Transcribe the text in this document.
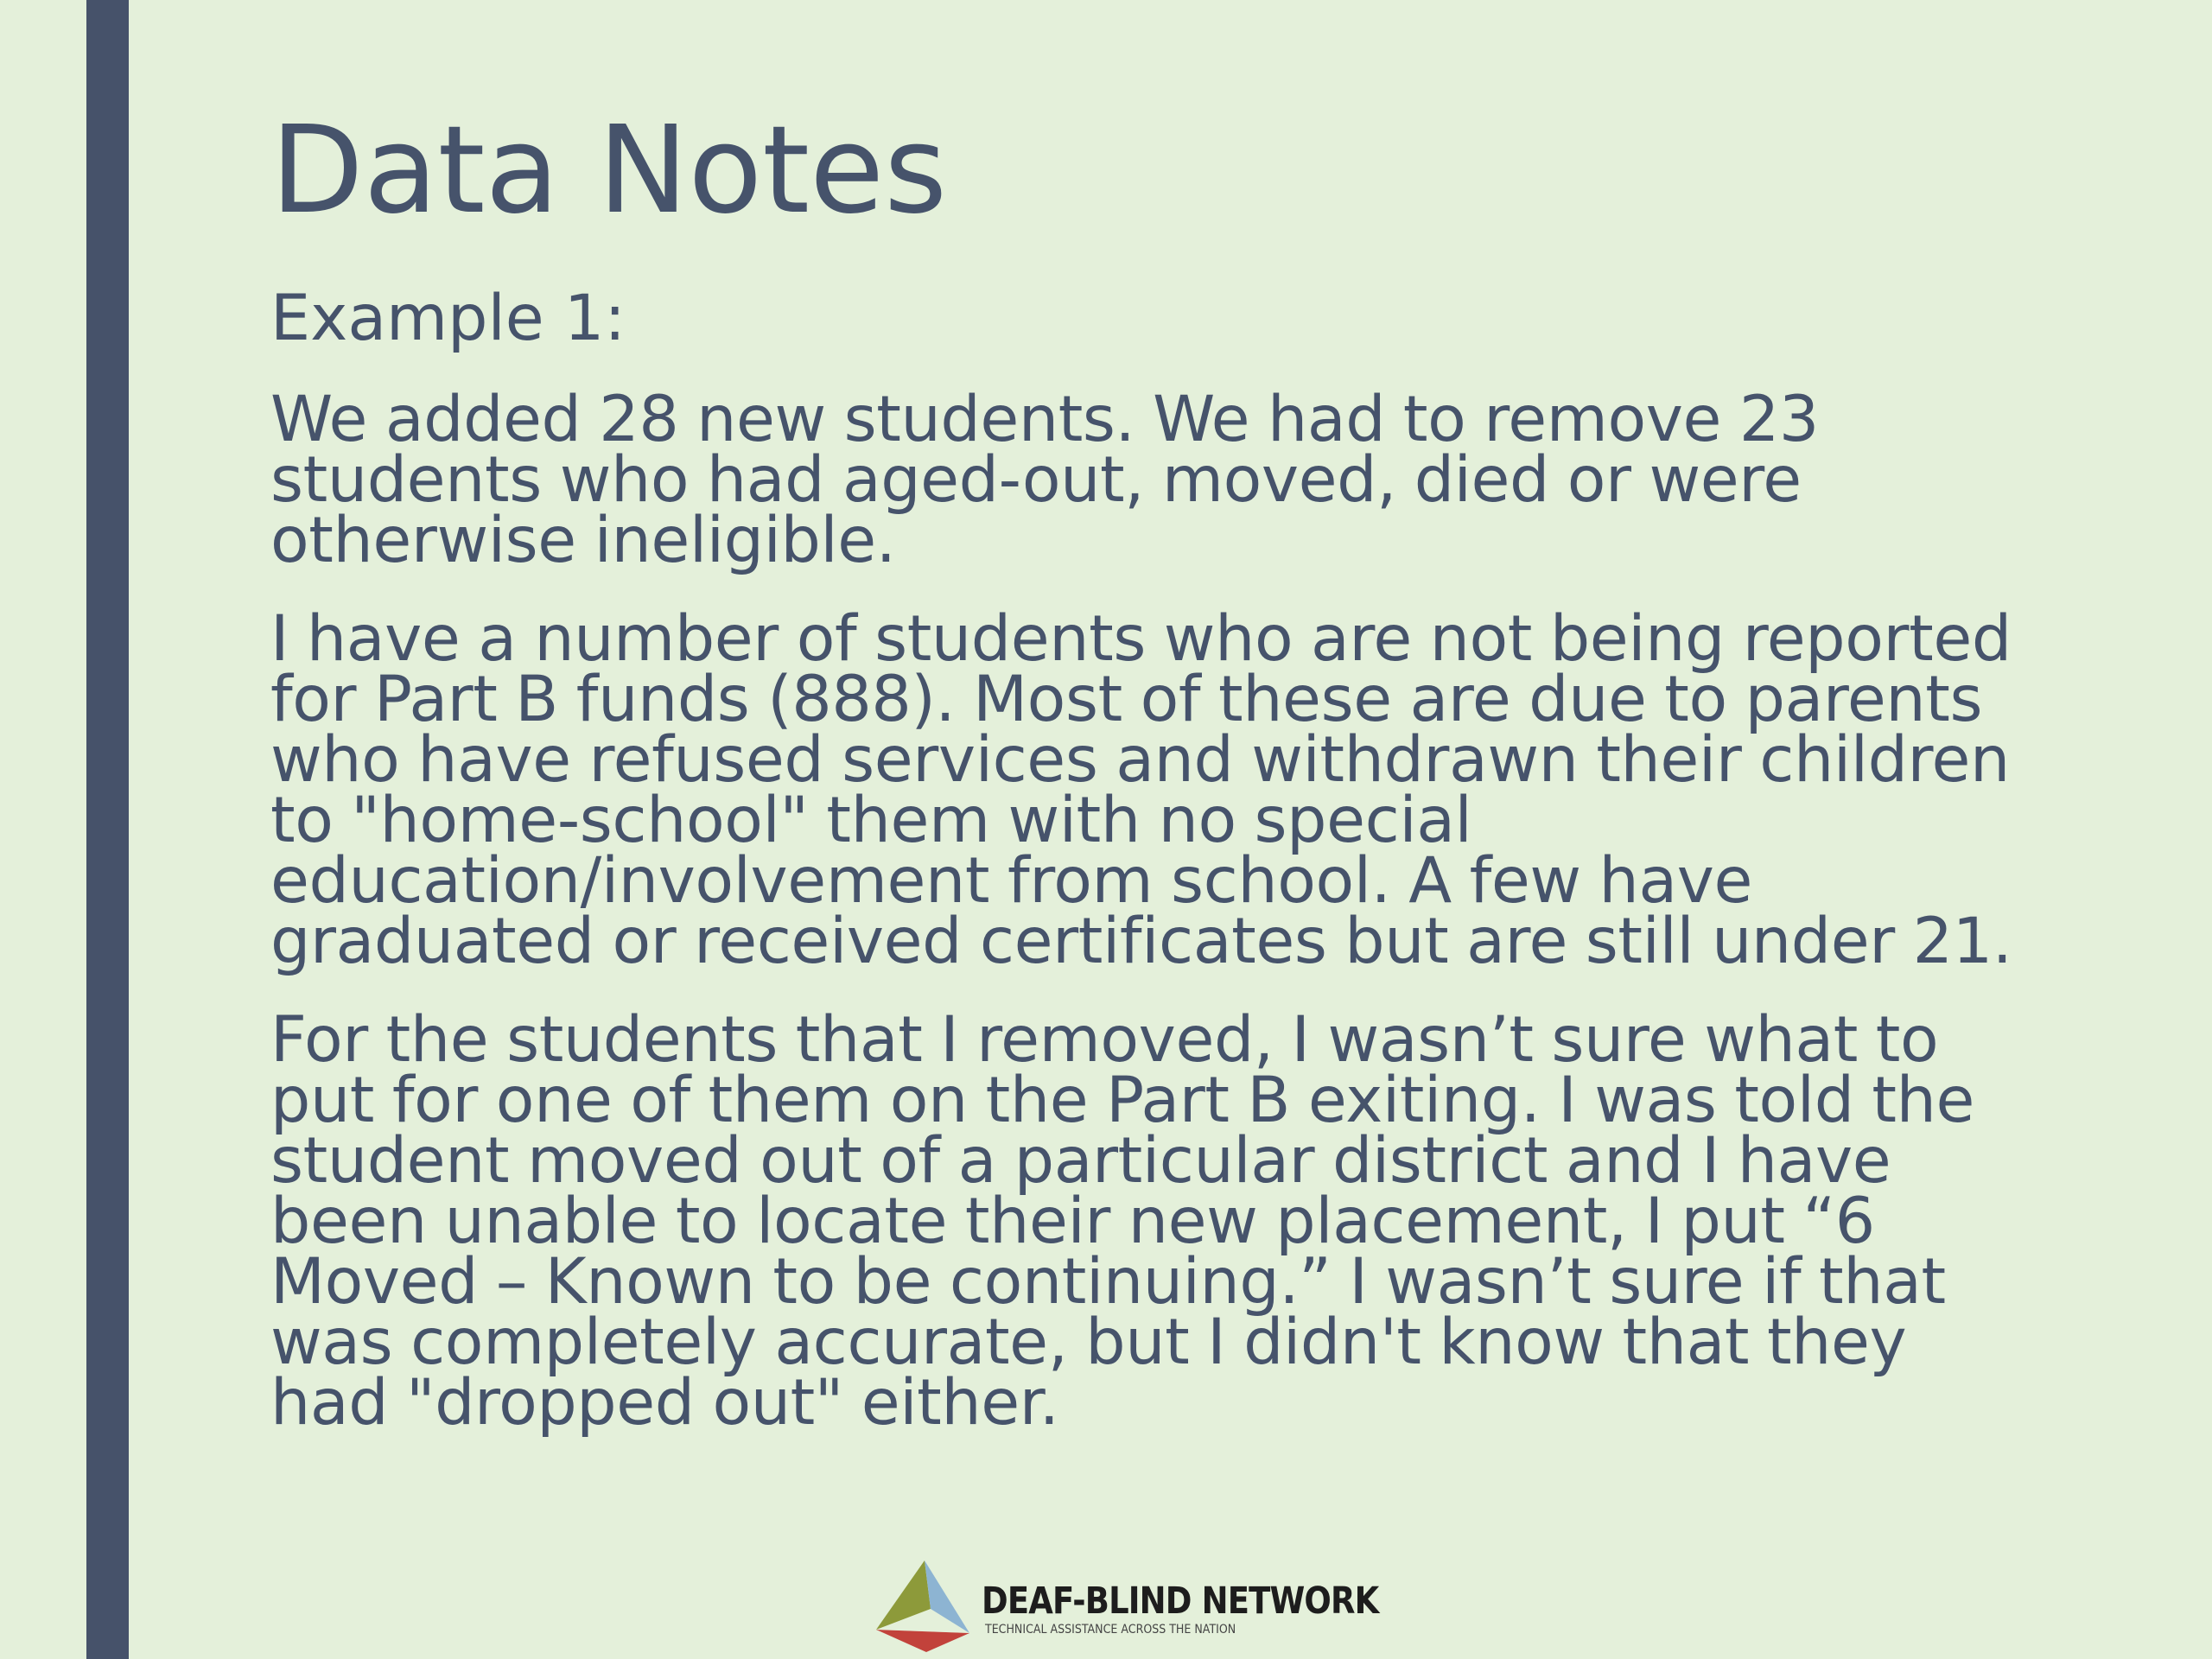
Data Notes

Example 1:

We added 28 new students. We had to remove 23
students who had aged-out, moved, died or were
otherwise ineligible.

I have a number of students who are not being reported
for Part B funds (888). Most of these are due to parents
who have refused services and withdrawn their children
to "home-school" them with no special
education/involvement from school. A few have
graduated or received certificates but are still under 21.

For the students that I removed, I wasn’t sure what to
put for one of them on the Part B exiting. I was told the
student moved out of a particular district and I have
been unable to locate their new placement, I put “6
Moved – Known to be continuing.” I wasn’t sure if that
was completely accurate, but I didn't know that they
had "dropped out" either.

DEAF-BLIND NETWORK
TECHNICAL ASSISTANCE ACROSS THE NATION
